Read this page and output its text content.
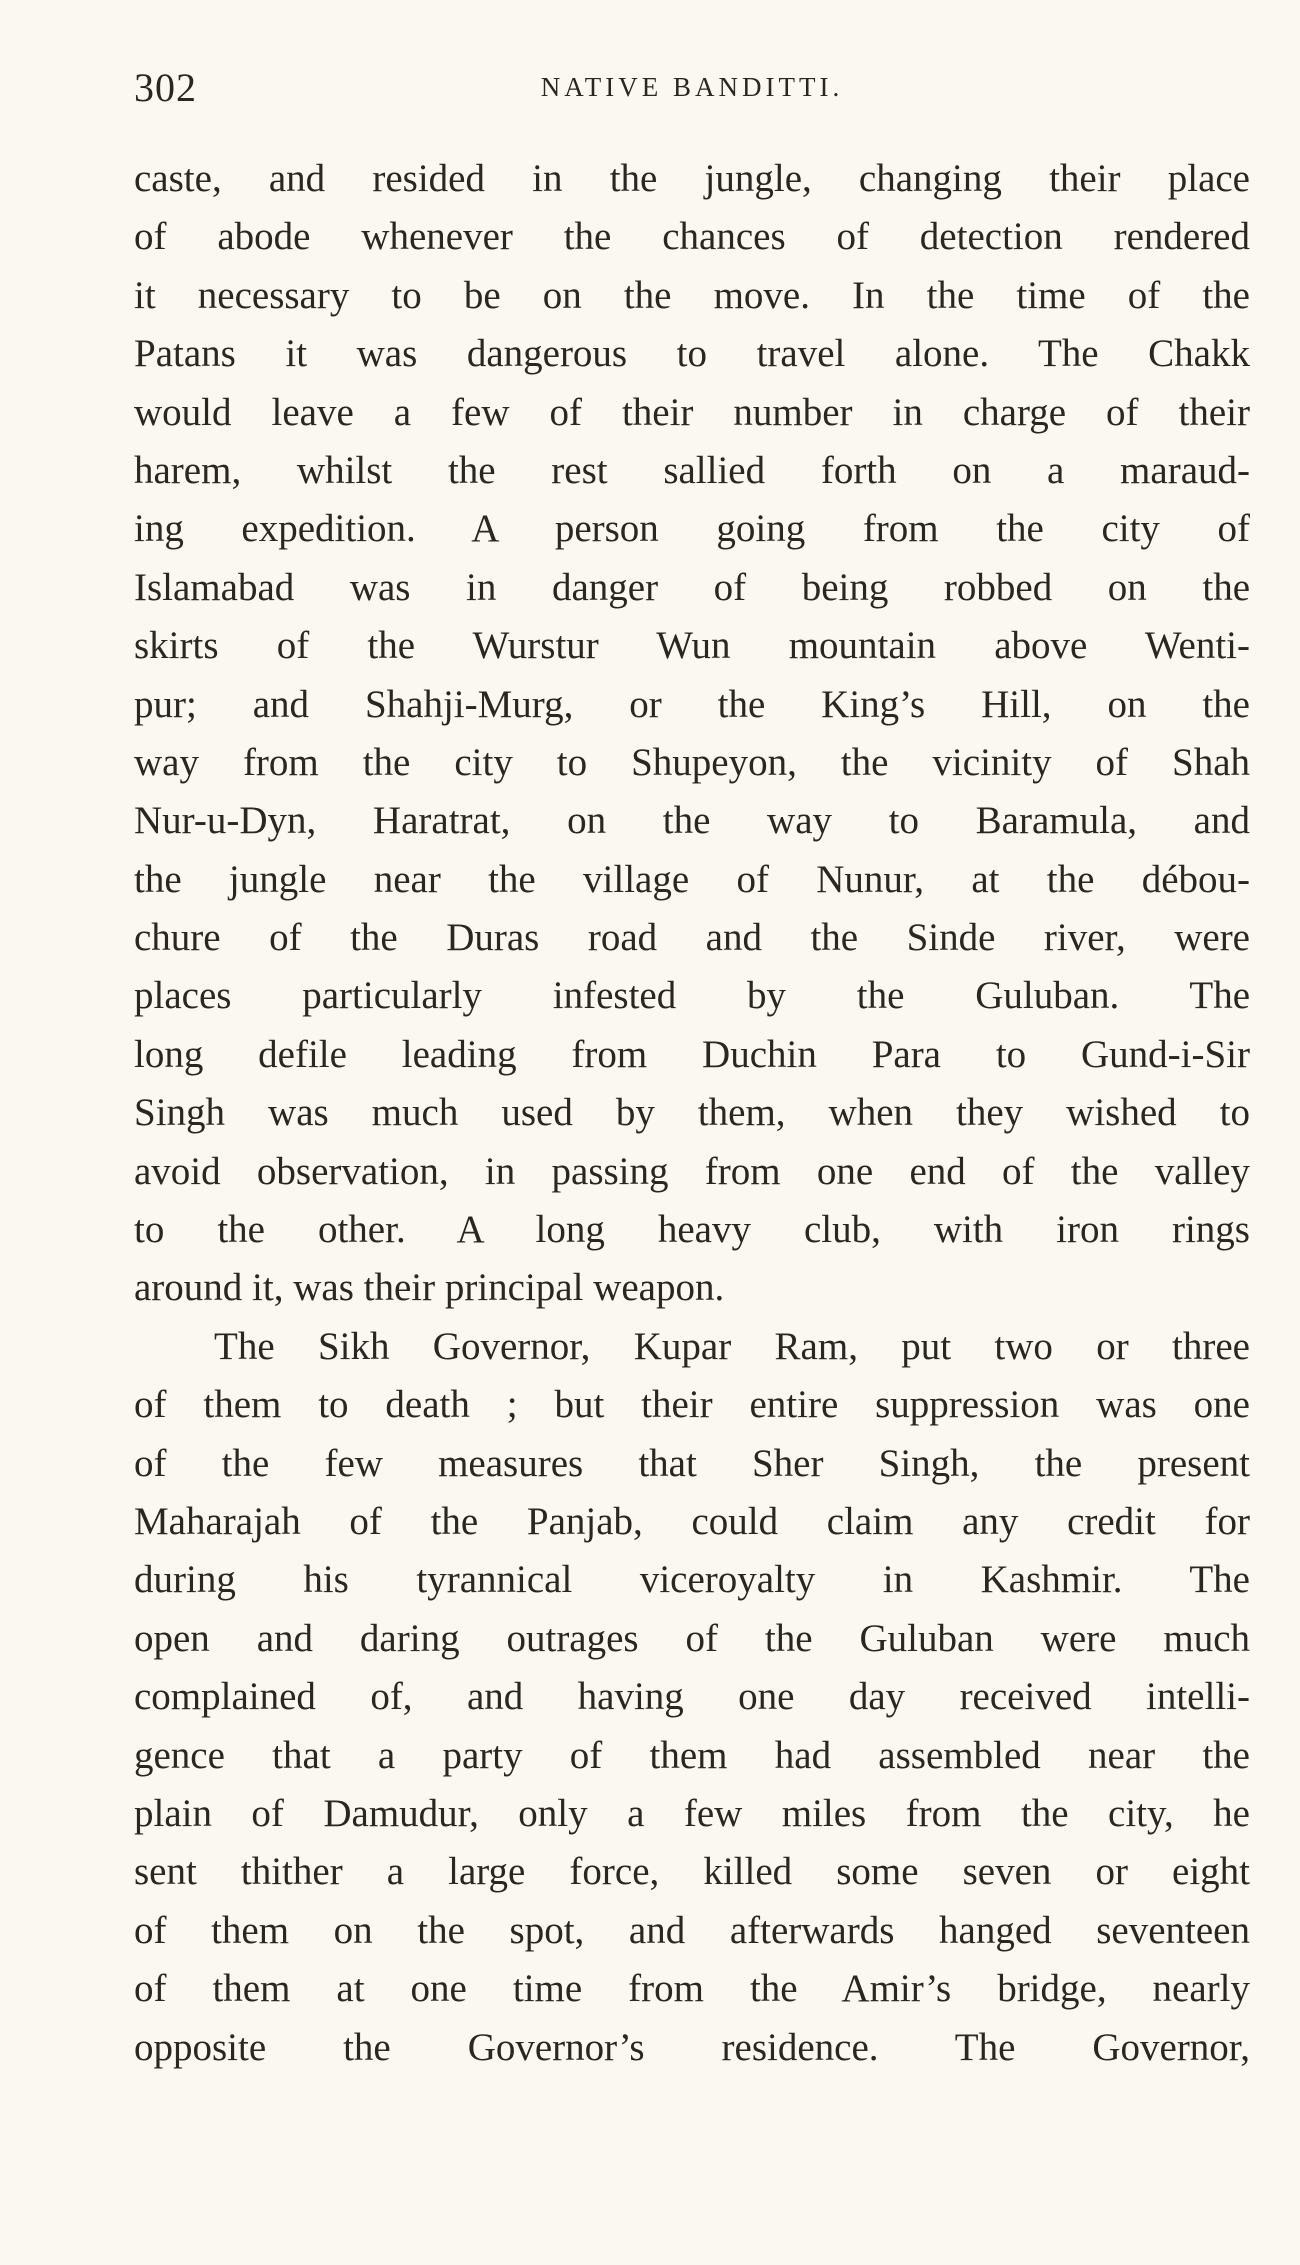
302	NATIVE BANDITTI.
caste, and resided in the jungle, changing their place
of abode whenever the chances of detection rendered
it necessary to be on the move. In the time of the
Patans it was dangerous to travel alone. The Chakk
would leave a few of their number in charge of their
harem, whilst the rest sallied forth on a maraud-
ing expedition. A person going from the city of
Islamabad was in danger of being robbed on the
skirts of the Wurstur Wun mountain above Wenti-
pur; and Shahji-Murg, or the King’s Hill, on the
way from the city to Shupeyon, the vicinity of Shah
Nur-u-Dyn, Haratrat, on the way to Baramula, and
the jungle near the village of Nunur, at the débou-
chure of the Duras road and the Sinde river, were
places particularly infested by the Guluban. The
long defile leading from Duchin Para to Gund-i-Sir
Singh was much used by them, when they wished to
avoid observation, in passing from one end of the valley
to the other. A long heavy club, with iron rings
around it, was their principal weapon.
The Sikh Governor, Kupar Ram, put two or three
of them to death ; but their entire suppression was one
of the few measures that Sher Singh, the present
Maharajah of the Panjab, could claim any credit for
during his tyrannical viceroyalty in Kashmir. The
open and daring outrages of the Guluban were much
complained of, and having one day received intelli-
gence that a party of them had assembled near the
plain of Damudur, only a few miles from the city, he
sent thither a large force, killed some seven or eight
of them on the spot, and afterwards hanged seventeen
of them at one time from the Amir’s bridge, nearly
opposite the Governor’s residence. The Governor,
